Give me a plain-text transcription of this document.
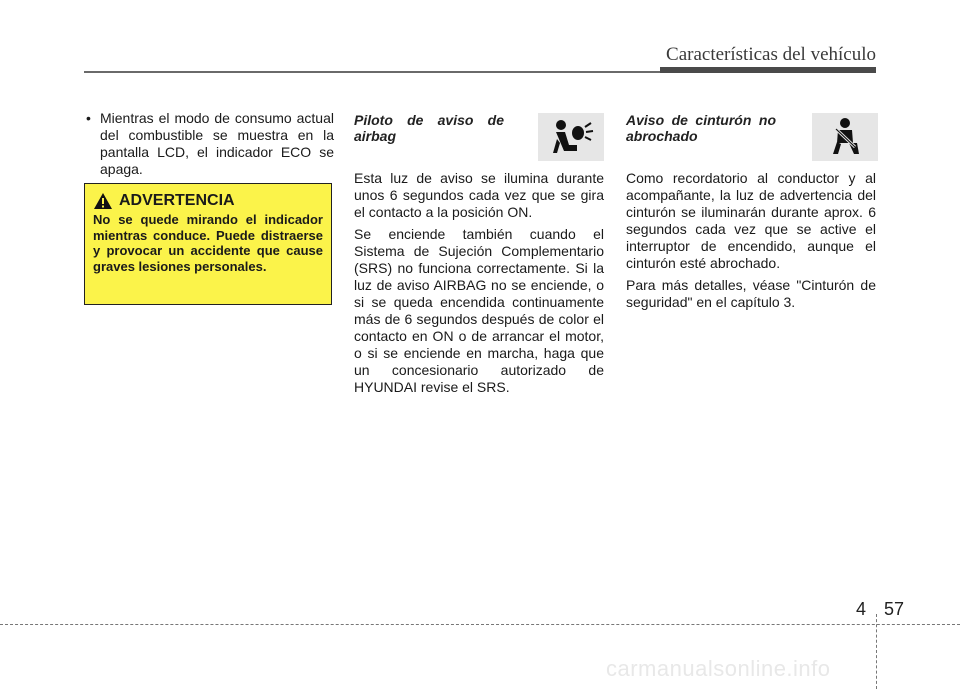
Características del vehículo

• Mientras el modo de consumo actual del combustible se muestra en la pantalla LCD, el indicador ECO se apaga.

ADVERTENCIA

No se quede mirando el indicador mientras conduce. Puede distraerse y provocar un accidente que cause graves lesiones personales.

Piloto de aviso de airbag

Esta luz de aviso se ilumina durante unos 6 segundos cada vez que se gira el contacto a la posición ON.

Se enciende también cuando el Sistema de Sujeción Complementario (SRS) no funciona correctamente. Si la luz de aviso AIRBAG no se enciende, o si se queda encendida continuamente más de 6 segundos después de color el contacto en ON o de arrancar el motor, o si se enciende en marcha, haga que un concesionario autorizado de HYUNDAI revise el SRS.

Aviso de cinturón no abrochado

Como recordatorio al conductor y al acompañante, la luz de advertencia del cinturón se iluminarán durante aprox. 6 segundos cada vez que se active el interruptor de encendido, aunque el cinturón esté abrochado.

Para más detalles, véase "Cinturón de seguridad" en el capítulo 3.

4 57
carmanualsonline.info
